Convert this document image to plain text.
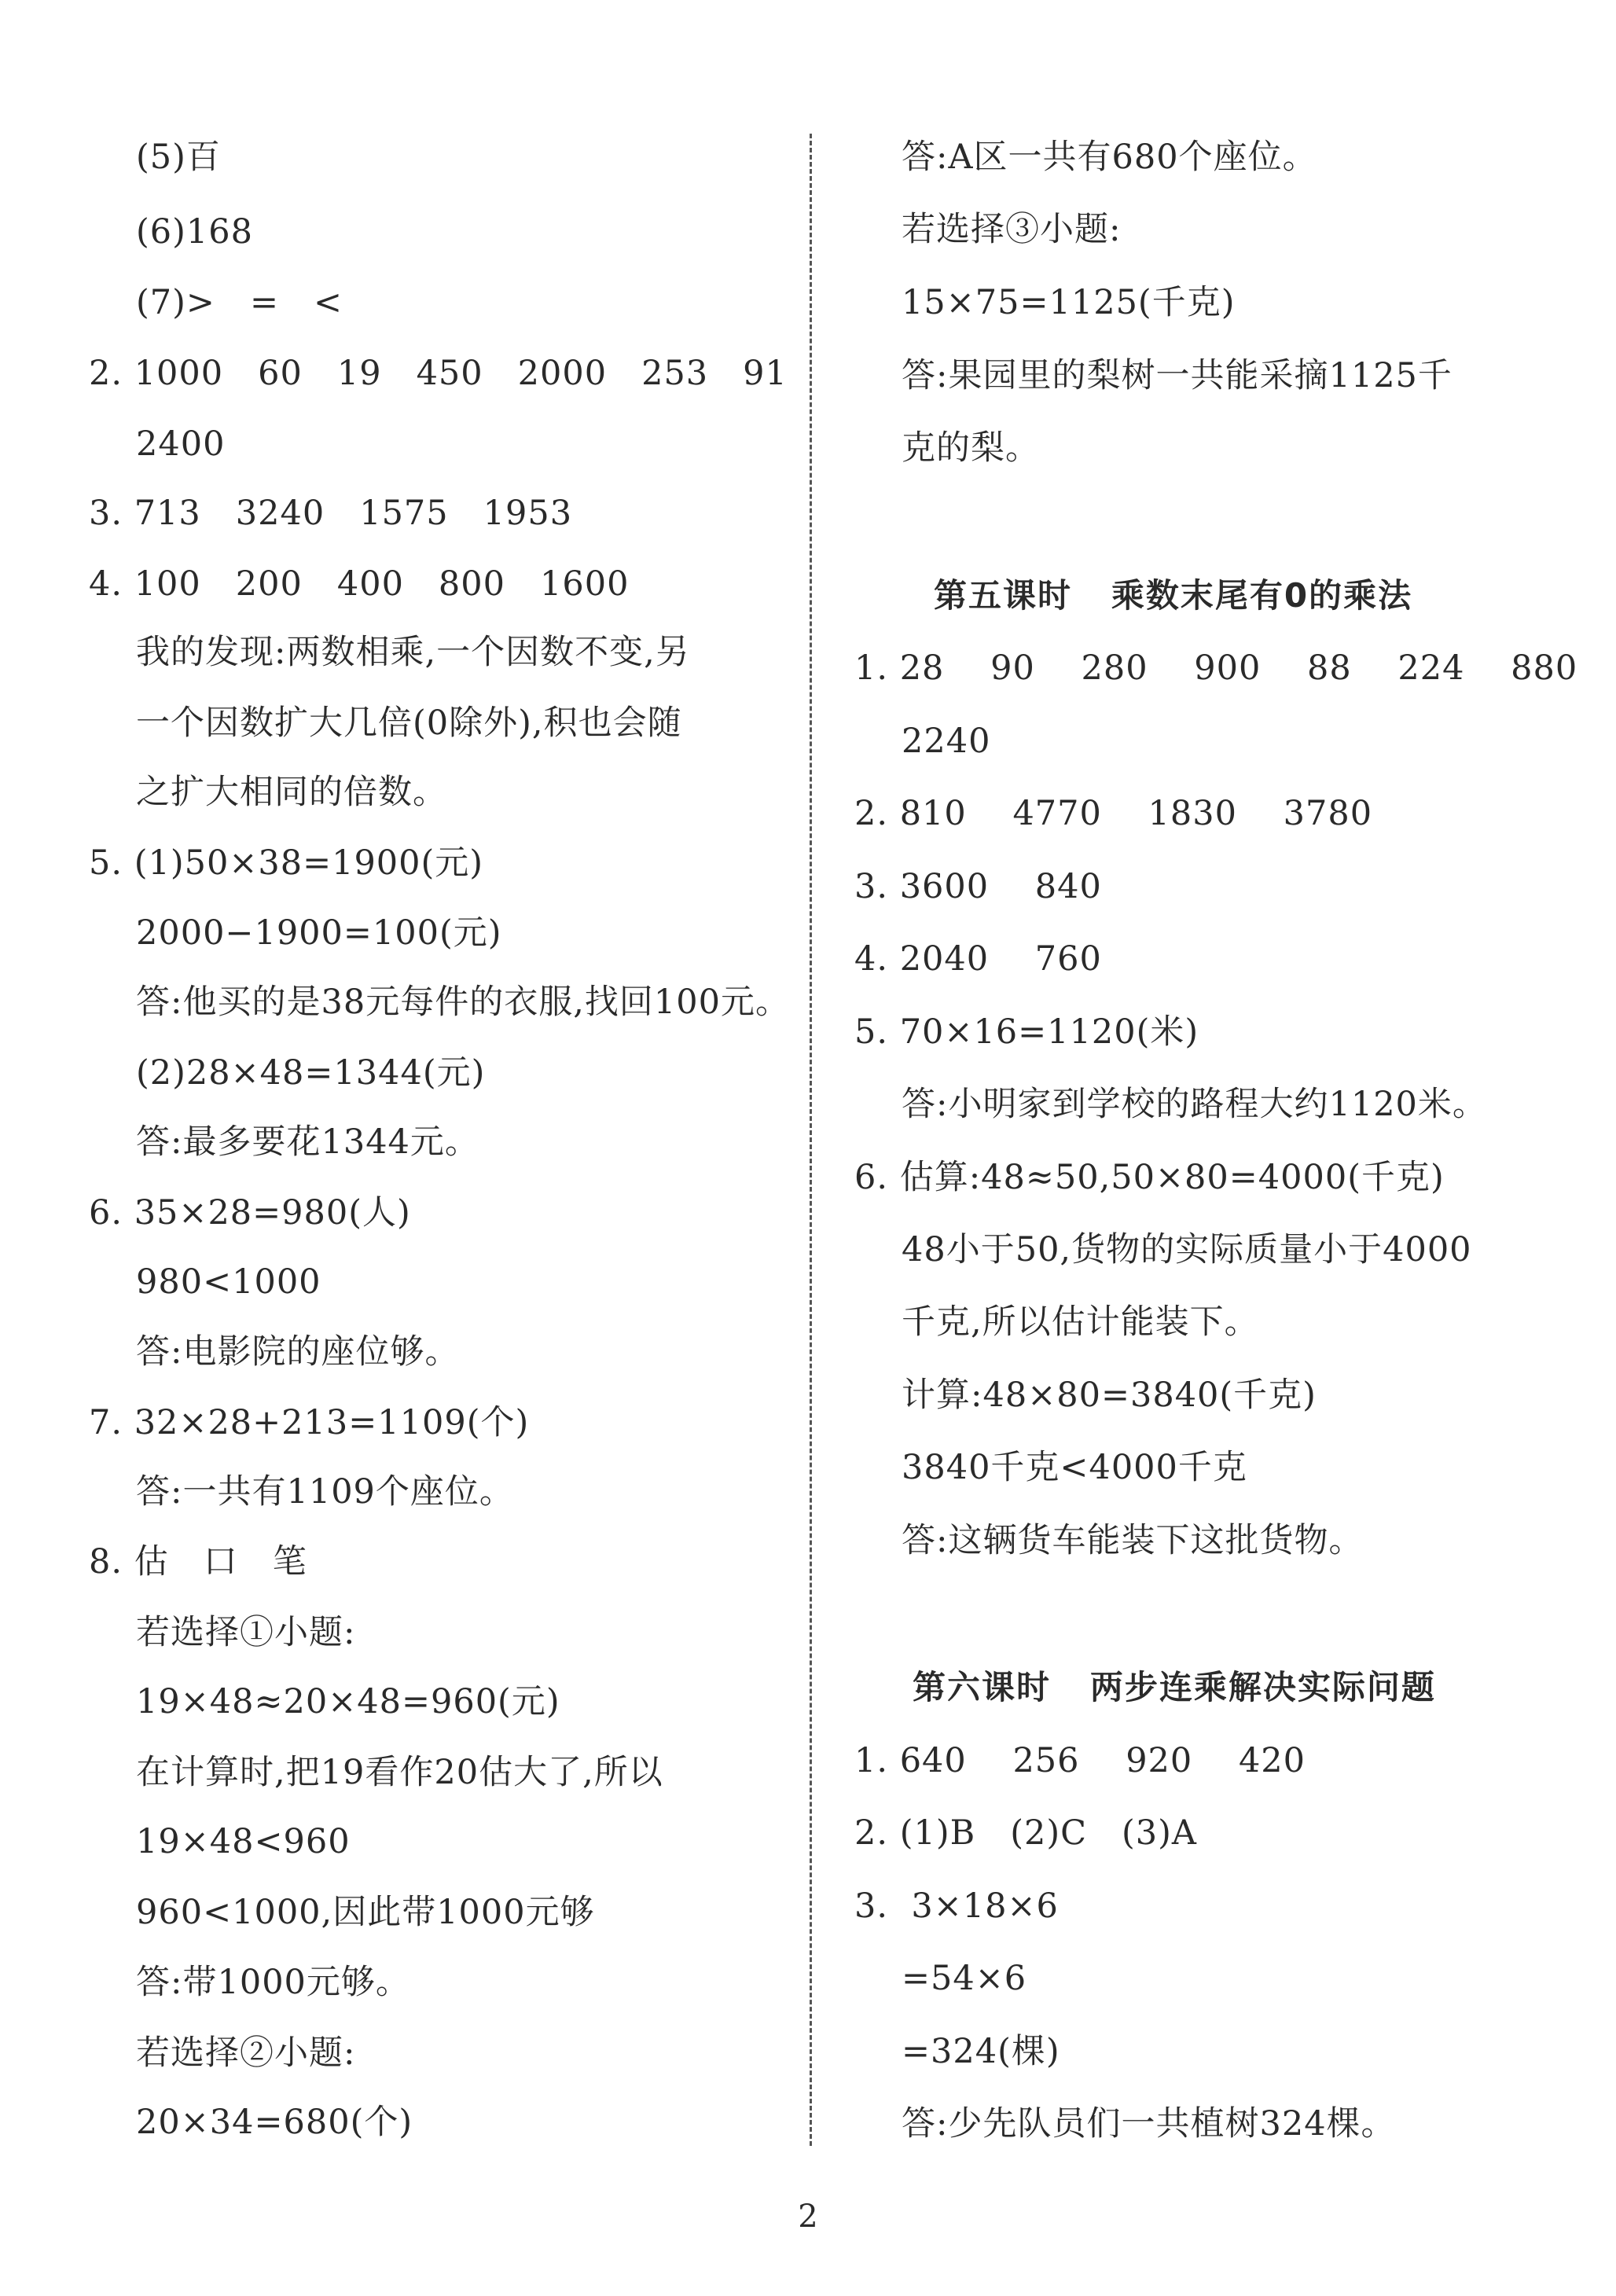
(5)百

(6)168

(7)>   =   <

2. 1000   60   19   450   2000   253   91

2400

3. 713   3240   1575   1953

4. 100   200   400   800   1600

我的发现:两数相乘,一个因数不变,另

一个因数扩大几倍(0除外),积也会随

之扩大相同的倍数。

5. (1)50×38=1900(元)

2000−1900=100(元)

答:他买的是38元每件的衣服,找回100元。

(2)28×48=1344(元)

答:最多要花1344元。

6. 35×28=980(人)

980<1000

答:电影院的座位够。

7. 32×28+213=1109(个)

答:一共有1109个座位。

8. 估   口   笔

若选择①小题:

19×48≈20×48=960(元)

在计算时,把19看作20估大了,所以

19×48<960

960<1000,因此带1000元够

答:带1000元够。

若选择②小题:

20×34=680(个)

答:A区一共有680个座位。

若选择③小题:

15×75=1125(千克)

答:果园里的梨树一共能采摘1125千

克的梨。

第五课时   乘数末尾有0的乘法

1. 28    90    280    900    88    224    880

2240

2. 810    4770    1830    3780

3. 3600    840

4. 2040    760

5. 70×16=1120(米)

答:小明家到学校的路程大约1120米。

6. 估算:48≈50,50×80=4000(千克)

48小于50,货物的实际质量小于4000

千克,所以估计能装下。

计算:48×80=3840(千克)

3840千克<4000千克

答:这辆货车能装下这批货物。

第六课时   两步连乘解决实际问题

1. 640    256    920    420

2. (1)B   (2)C   (3)A

3.  3×18×6

=54×6

=324(棵)

答:少先队员们一共植树324棵。

2
